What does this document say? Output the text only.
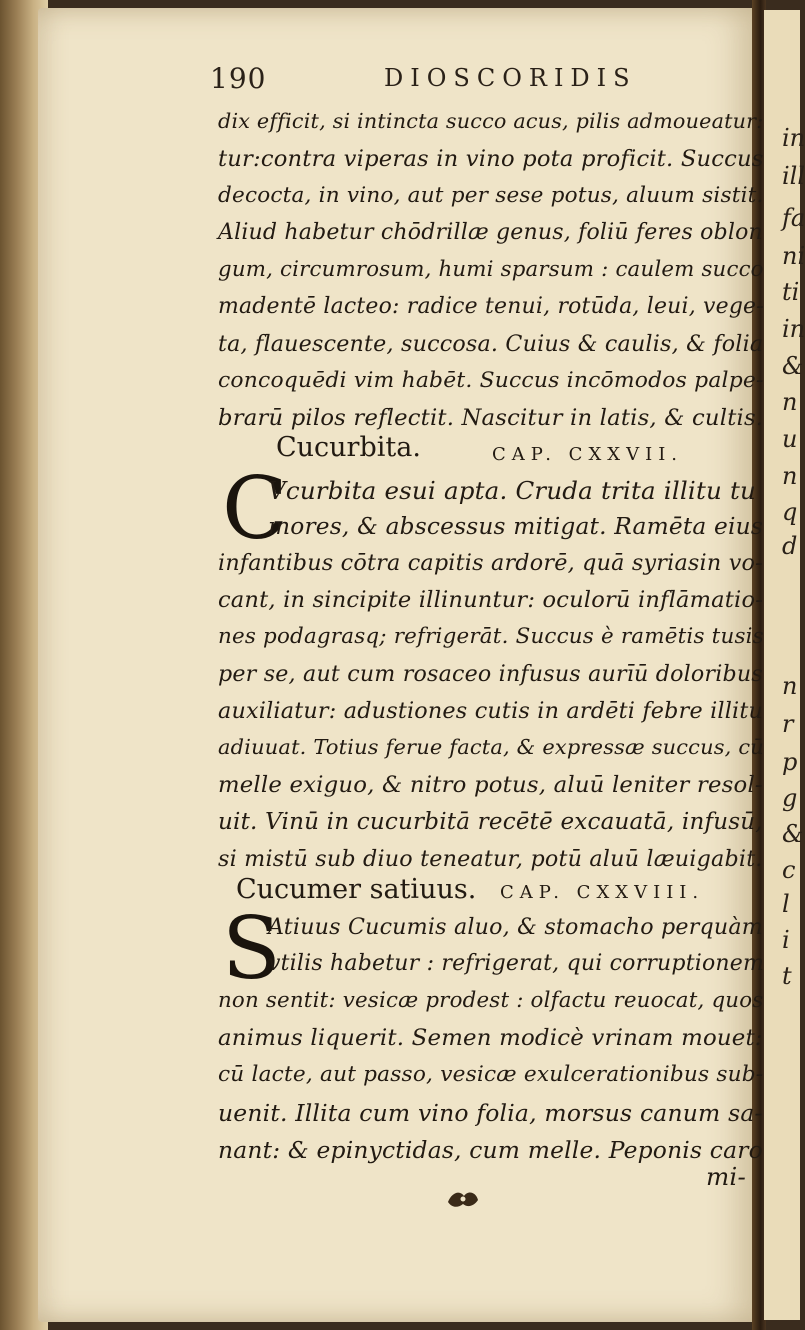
in
ill
fa
ni
ti
in
&
n
u
n
q
d
n
r
p
g
&
c
l
i
t
190	DIOSCORIDIS
dix efficit, si intincta succo acus, pilis admoueatur:
tur:contra viperas in vino pota proficit. Succus
decocta, in vino, aut per sese potus, aluum sistit.
Aliud habetur chōdrillæ genus, foliū feres oblon
gum, circumrosum, humi sparsum : caulem succo
madentē lacteo: radice tenui, rotūda, leui, vege-
ta, flauescente, succosa. Cuius & caulis, & folia
concoquēdi vim habēt. Succus incōmodos palpe-
brarū pilos reflectit. Nascitur in latis, & cultis.
Cucurbita.	CAP. CXXVII.
C
Vcurbita esui apta. Cruda trita illitu tu
mores, & abscessus mitigat. Ramēta eius
infantibus cōtra capitis ardorē, quā syriasin vo-
cant, in sincipite illinuntur: oculorū inflāmatio-
nes podagrasq; refrigerāt. Succus è ramētis tusis
per se, aut cum rosaceo infusus aurīū doloribus
auxiliatur: adustiones cutis in ardēti febre illitu
adiuuat. Totius ferue facta, & expressæ succus, cū
melle exiguo, & nitro potus, aluū leniter resol-
uit. Vinū in cucurbitā recētē excauatā, infusū,
si mistū sub diuo teneatur, potū aluū læuigabit.
Cucumer satiuus. CAP. CXXVIII.
S
Atiuus Cucumis aluo, & stomacho perquàm
vtilis habetur : refrigerat, qui corruptionem
non sentit: vesicæ prodest : olfactu reuocat, quos
animus liquerit. Semen modicè vrinam mouet:
cū lacte, aut passo, vesicæ exulcerationibus sub-
uenit. Illita cum vino folia, morsus canum sa-
nant: & epinyctidas, cum melle. Peponis caro
mi-
